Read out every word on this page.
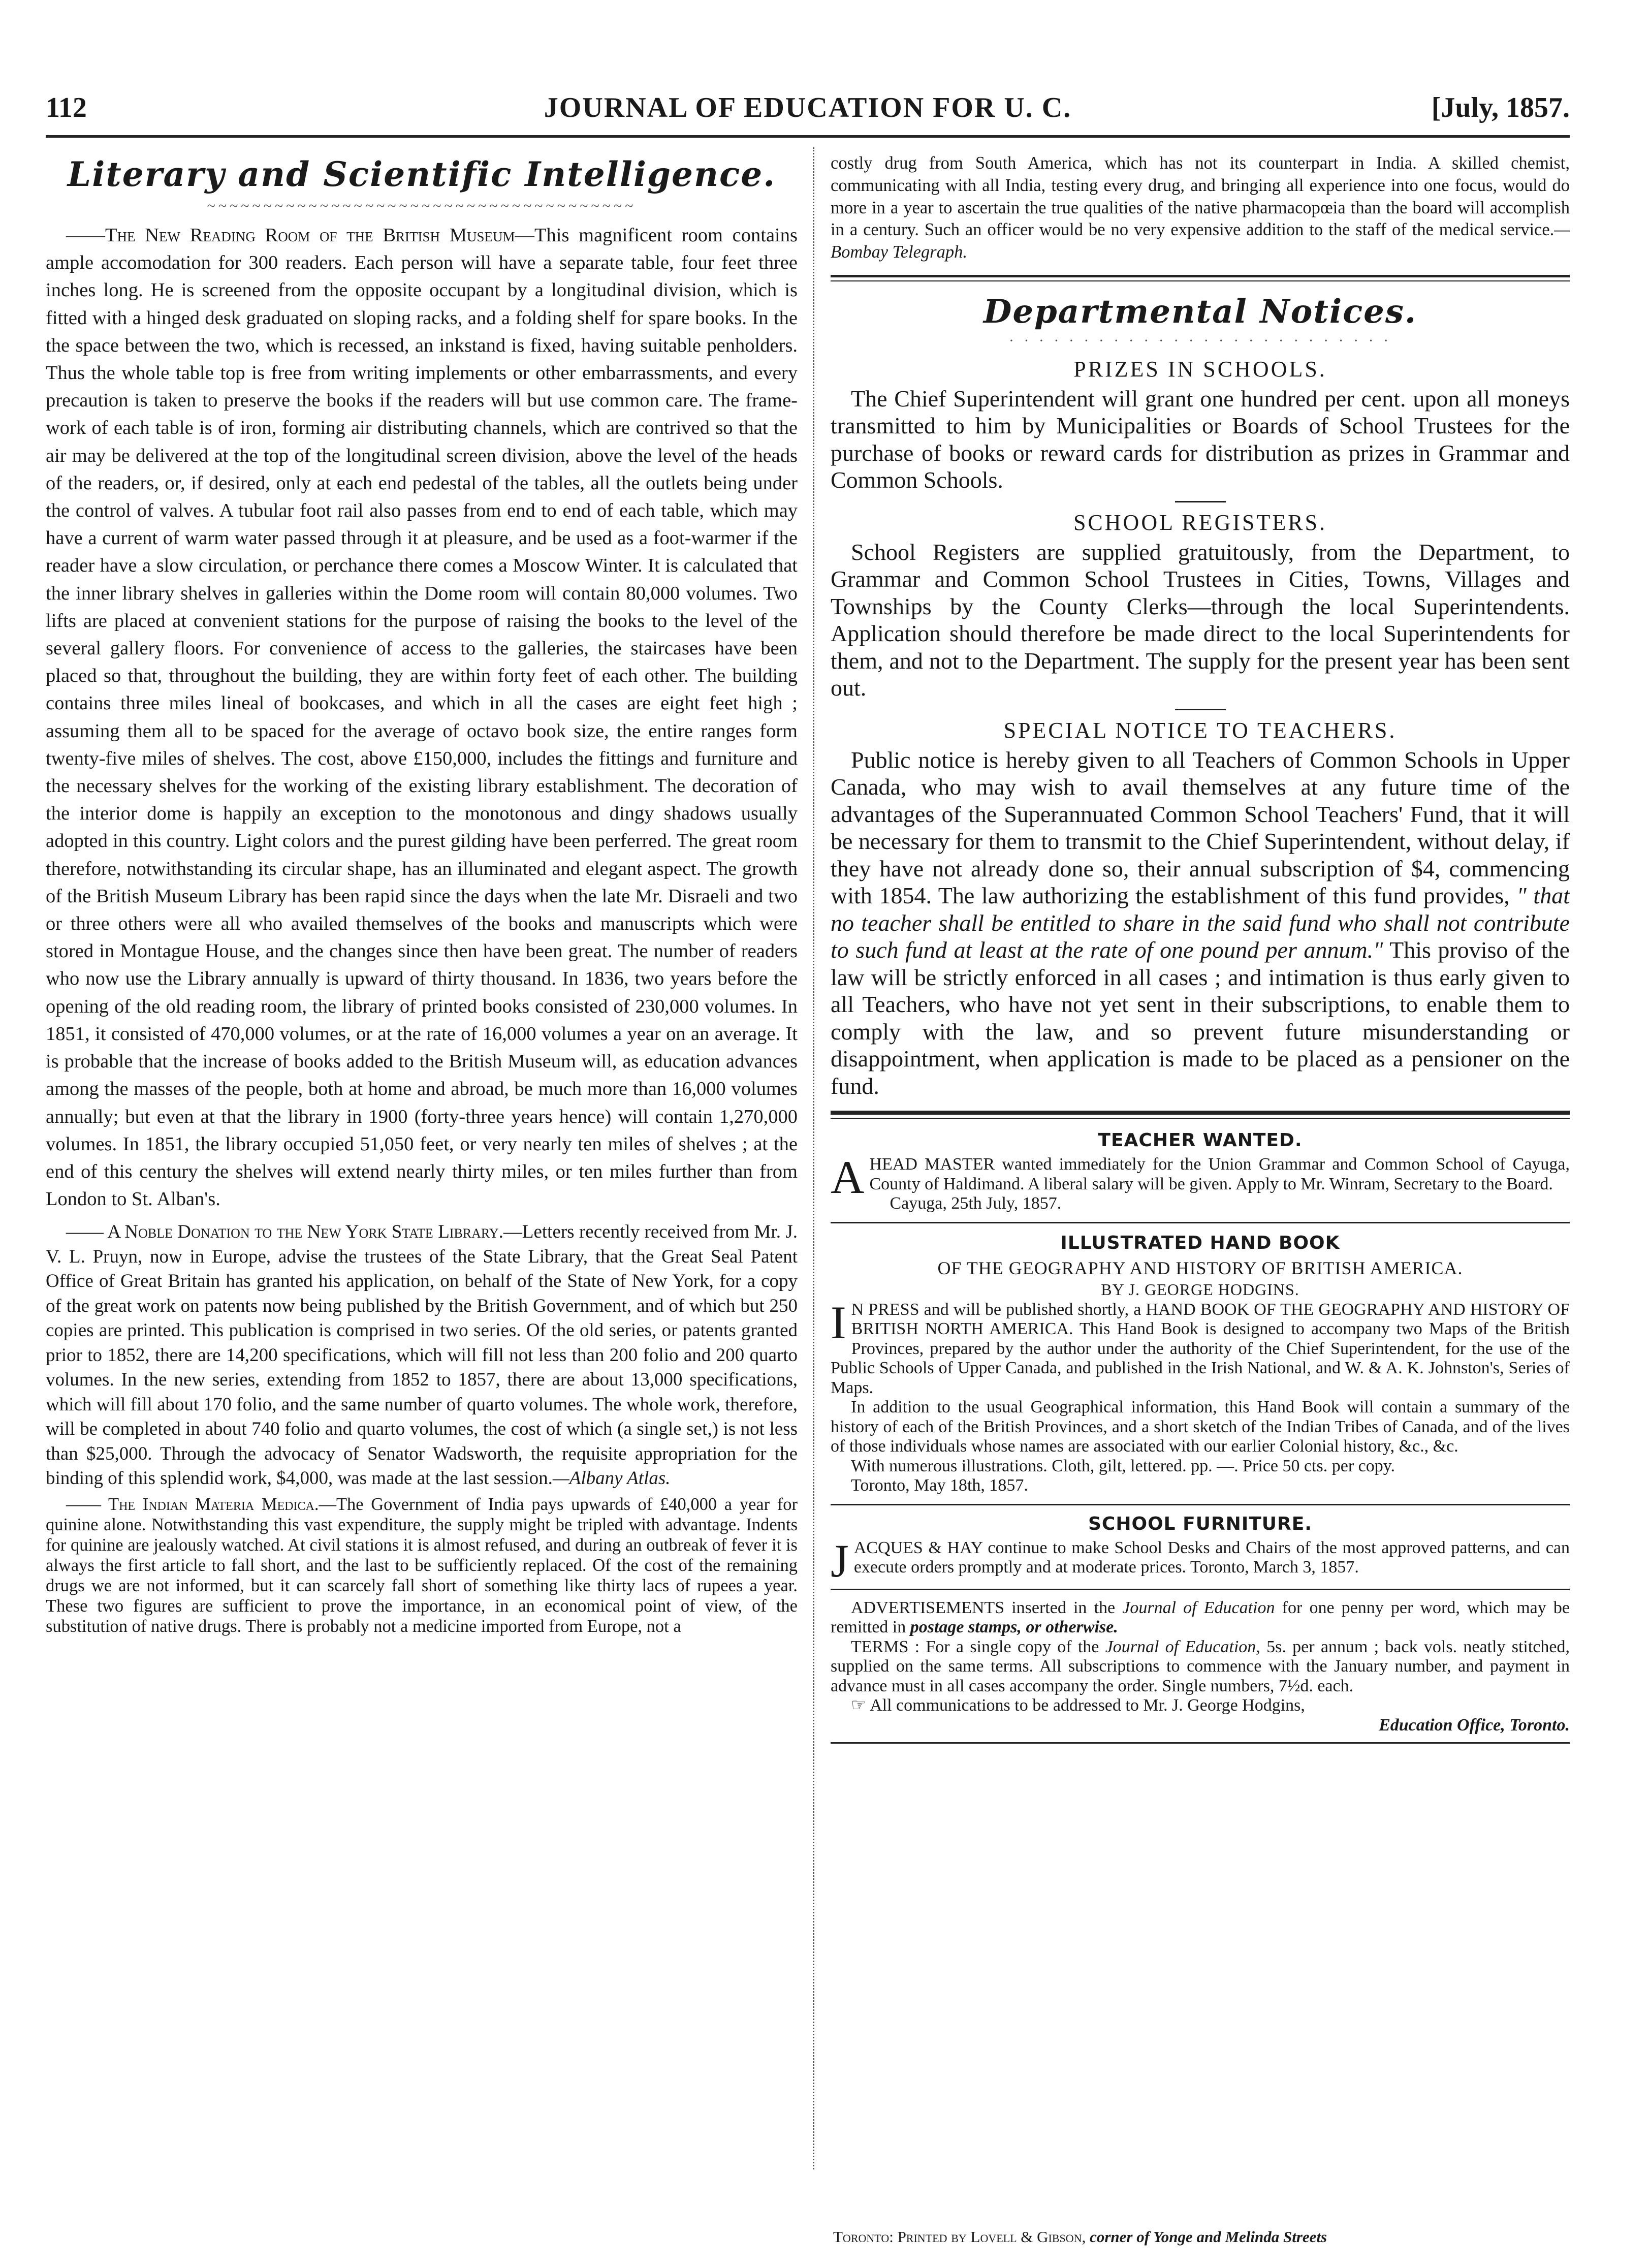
112	JOURNAL OF EDUCATION FOR U. C.	[July, 1857.
Literary and Scientific Intelligence.
~~~~~~~~~~~~~~~~~~~~~~~~~~~~~~~~~~~~~~

——The New Reading Room of the British Museum—This magnificent room contains ample accomodation for 300 readers. Each person will have a separate table, four feet three inches long. He is screened from the opposite occupant by a longitudinal division, which is fitted with a hinged desk graduated on sloping racks, and a folding shelf for spare books. In the the space between the two, which is recessed, an inkstand is fixed, having suitable penholders. Thus the whole table top is free from writing implements or other embarrassments, and every precaution is taken to preserve the books if the readers will but use common care. The frame-work of each table is of iron, forming air distributing channels, which are contrived so that the air may be delivered at the top of the longitudinal screen division, above the level of the heads of the readers, or, if desired, only at each end pedestal of the tables, all the outlets being under the control of valves. A tubular foot rail also passes from end to end of each table, which may have a current of warm water passed through it at pleasure, and be used as a foot-warmer if the reader have a slow circulation, or perchance there comes a Moscow Winter. It is calculated that the inner library shelves in galleries within the Dome room will contain 80,000 volumes. Two lifts are placed at convenient stations for the purpose of raising the books to the level of the several gallery floors. For convenience of access to the galleries, the staircases have been placed so that, throughout the building, they are within forty feet of each other. The building contains three miles lineal of bookcases, and which in all the cases are eight feet high ; assuming them all to be spaced for the average of octavo book size, the entire ranges form twenty-five miles of shelves. The cost, above £150,000, includes the fittings and furniture and the necessary shelves for the working of the existing library establishment. The decoration of the interior dome is happily an exception to the monotonous and dingy shadows usually adopted in this country. Light colors and the purest gilding have been perferred. The great room therefore, notwithstanding its circular shape, has an illuminated and elegant aspect. The growth of the British Museum Library has been rapid since the days when the late Mr. Disraeli and two or three others were all who availed themselves of the books and manuscripts which were stored in Montague House, and the changes since then have been great. The number of readers who now use the Library annually is upward of thirty thousand. In 1836, two years before the opening of the old reading room, the library of printed books consisted of 230,000 volumes. In 1851, it consisted of 470,000 volumes, or at the rate of 16,000 volumes a year on an average. It is probable that the increase of books added to the British Museum will, as education advances among the masses of the people, both at home and abroad, be much more than 16,000 volumes annually; but even at that the library in 1900 (forty-three years hence) will contain 1,270,000 volumes. In 1851, the library occupied 51,050 feet, or very nearly ten miles of shelves ; at the end of this century the shelves will extend nearly thirty miles, or ten miles further than from London to St. Alban's.

—— A Noble Donation to the New York State Library.—Letters recently received from Mr. J. V. L. Pruyn, now in Europe, advise the trustees of the State Library, that the Great Seal Patent Office of Great Britain has granted his application, on behalf of the State of New York, for a copy of the great work on patents now being published by the British Government, and of which but 250 copies are printed. This publication is comprised in two series. Of the old series, or patents granted prior to 1852, there are 14,200 specifications, which will fill not less than 200 folio and 200 quarto volumes. In the new series, extending from 1852 to 1857, there are about 13,000 specifications, which will fill about 170 folio, and the same number of quarto volumes. The whole work, therefore, will be completed in about 740 folio and quarto volumes, the cost of which (a single set,) is not less than $25,000. Through the advocacy of Senator Wadsworth, the requisite appropriation for the binding of this splendid work, $4,000, was made at the last session.—Albany Atlas.

—— The Indian Materia Medica.—The Government of India pays upwards of £40,000 a year for quinine alone. Notwithstanding this vast expenditure, the supply might be tripled with advantage. Indents for quinine are jealously watched. At civil stations it is almost refused, and during an outbreak of fever it is always the first article to fall short, and the last to be sufficiently replaced. Of the cost of the remaining drugs we are not informed, but it can scarcely fall short of something like thirty lacs of rupees a year. These two figures are sufficient to prove the importance, in an economical point of view, of the substitution of native drugs. There is probably not a medicine imported from Europe, not a

costly drug from South America, which has not its counterpart in India. A skilled chemist, communicating with all India, testing every drug, and bringing all experience into one focus, would do more in a year to ascertain the true qualities of the native pharmacopœia than the board will accomplish in a century. Such an officer would be no very expensive addition to the staff of the medical service.—Bombay Telegraph.

Departmental Notices.
· · · · · · · · · · · · · · · · · · · · · · · · · ·
PRIZES IN SCHOOLS.

The Chief Superintendent will grant one hundred per cent. upon all moneys transmitted to him by Municipalities or Boards of School Trustees for the purchase of books or reward cards for distribution as prizes in Grammar and Common Schools.

SCHOOL REGISTERS.

School Registers are supplied gratuitously, from the Department, to Grammar and Common School Trustees in Cities, Towns, Villages and Townships by the County Clerks—through the local Superintendents. Application should therefore be made direct to the local Superintendents for them, and not to the Department. The supply for the present year has been sent out.

SPECIAL NOTICE TO TEACHERS.

Public notice is hereby given to all Teachers of Common Schools in Upper Canada, who may wish to avail themselves at any future time of the advantages of the Superannuated Common School Teachers' Fund, that it will be necessary for them to transmit to the Chief Superintendent, without delay, if they have not already done so, their annual subscription of $4, commencing with 1854. The law authorizing the establishment of this fund provides, " that no teacher shall be entitled to share in the said fund who shall not contribute to such fund at least at the rate of one pound per annum." This proviso of the law will be strictly enforced in all cases ; and intimation is thus early given to all Teachers, who have not yet sent in their subscriptions, to enable them to comply with the law, and so prevent future misunderstanding or disappointment, when application is made to be placed as a pensioner on the fund.

TEACHER WANTED.

AHEAD MASTER wanted immediately for the Union Grammar and Common School of Cayuga, County of Haldimand. A liberal salary will be given. Apply to Mr. Winram, Secretary to the Board.

Cayuga, 25th July, 1857.

ILLUSTRATED HAND BOOK
OF THE GEOGRAPHY AND HISTORY OF BRITISH AMERICA.
BY J. GEORGE HODGINS.

I N PRESS and will be published shortly, a HAND BOOK OF THE GEOGRAPHY AND HISTORY OF BRITISH NORTH AMERICA. This Hand Book is designed to accompany two Maps of the British Provinces, prepared by the author under the authority of the Chief Superintendent, for the use of the Public Schools of Upper Canada, and published in the Irish National, and W. & A. K. Johnston's, Series of Maps.

In addition to the usual Geographical information, this Hand Book will contain a summary of the history of each of the British Provinces, and a short sketch of the Indian Tribes of Canada, and of the lives of those individuals whose names are associated with our earlier Colonial history, &c., &c.

With numerous illustrations. Cloth, gilt, lettered. pp. —. Price 50 cts. per copy.

Toronto, May 18th, 1857.

SCHOOL FURNITURE.

JACQUES & HAY continue to make School Desks and Chairs of the most approved patterns, and can execute orders promptly and at moderate prices. Toronto, March 3, 1857.

ADVERTISEMENTS inserted in the Journal of Education for one penny per word, which may be remitted in postage stamps, or otherwise.

TERMS : For a single copy of the Journal of Education, 5s. per annum ; back vols. neatly stitched, supplied on the same terms. All subscriptions to commence with the January number, and payment in advance must in all cases accompany the order. Single numbers, 7½d. each.

☞ All communications to be addressed to Mr. J. George Hodgins,

Education Office, Toronto.

Toronto: Printed by Lovell & Gibson, corner of Yonge and Melinda Streets
